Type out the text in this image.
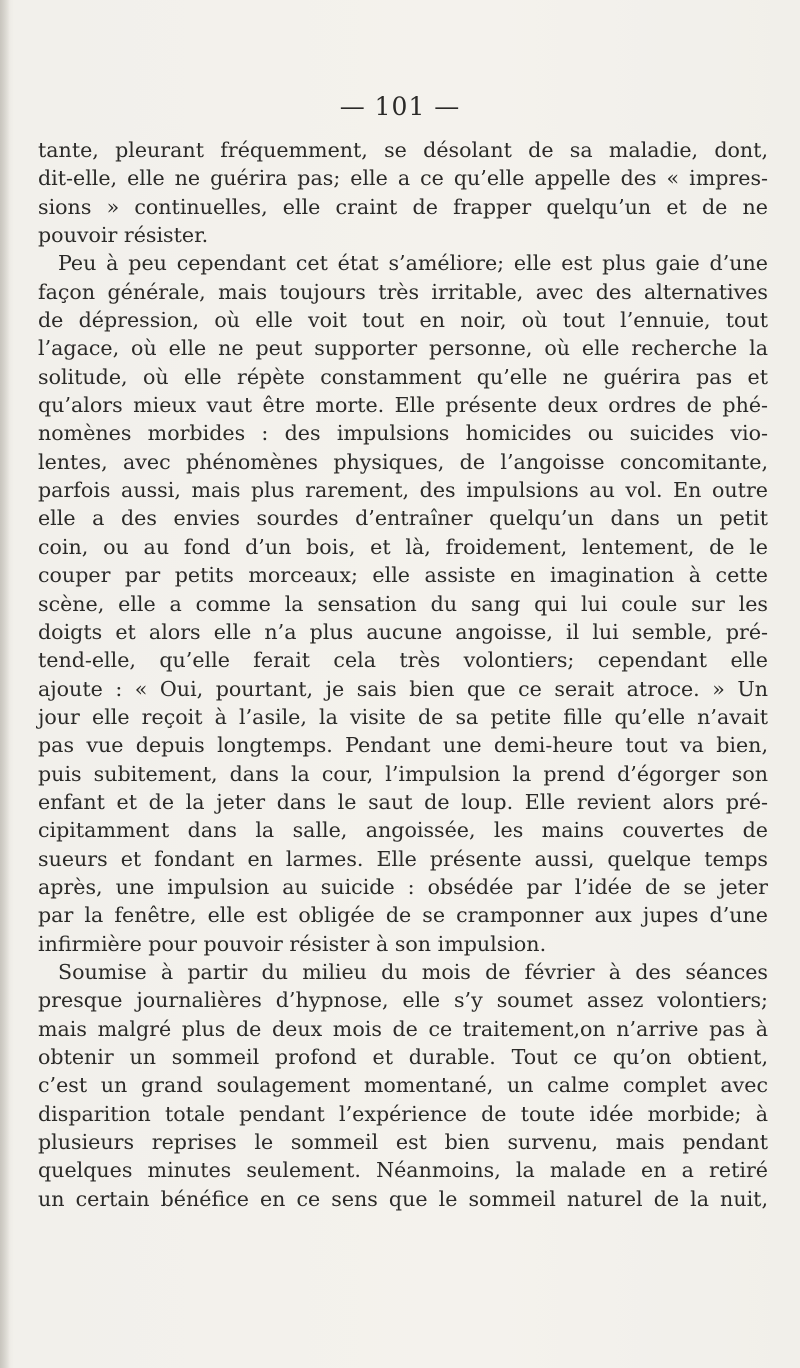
— 101 —
tante, pleurant fréquemment, se désolant de sa maladie, dont,
dit-elle, elle ne guérira pas; elle a ce qu’elle appelle des « impres-
sions » continuelles, elle craint de frapper quelqu’un et de ne
pouvoir résister.
Peu à peu cependant cet état s’améliore; elle est plus gaie d’une
façon générale, mais toujours très irritable, avec des alternatives
de dépression, où elle voit tout en noir, où tout l’ennuie, tout
l’agace, où elle ne peut supporter personne, où elle recherche la
solitude, où elle répète constamment qu’elle ne guérira pas et
qu’alors mieux vaut être morte. Elle présente deux ordres de phé-
nomènes morbides : des impulsions homicides ou suicides vio-
lentes, avec phénomènes physiques, de l’angoisse concomitante,
parfois aussi, mais plus rarement, des impulsions au vol. En outre
elle a des envies sourdes d’entraîner quelqu’un dans un petit
coin, ou au fond d’un bois, et là, froidement, lentement, de le
couper par petits morceaux; elle assiste en imagination à cette
scène, elle a comme la sensation du sang qui lui coule sur les
doigts et alors elle n’a plus aucune angoisse, il lui semble, pré-
tend-elle, qu’elle ferait cela très volontiers; cependant elle
ajoute : « Oui, pourtant, je sais bien que ce serait atroce. » Un
jour elle reçoit à l’asile, la visite de sa petite fille qu’elle n’avait
pas vue depuis longtemps. Pendant une demi-heure tout va bien,
puis subitement, dans la cour, l’impulsion la prend d’égorger son
enfant et de la jeter dans le saut de loup. Elle revient alors pré-
cipitamment dans la salle, angoissée, les mains couvertes de
sueurs et fondant en larmes. Elle présente aussi, quelque temps
après, une impulsion au suicide : obsédée par l’idée de se jeter
par la fenêtre, elle est obligée de se cramponner aux jupes d’une
infirmière pour pouvoir résister à son impulsion.
Soumise à partir du milieu du mois de février à des séances
presque journalières d’hypnose, elle s’y soumet assez volontiers;
mais malgré plus de deux mois de ce traitement,on n’arrive pas à
obtenir un sommeil profond et durable. Tout ce qu’on obtient,
c’est un grand soulagement momentané, un calme complet avec
disparition totale pendant l’expérience de toute idée morbide; à
plusieurs reprises le sommeil est bien survenu, mais pendant
quelques minutes seulement. Néanmoins, la malade en a retiré
un certain bénéfice en ce sens que le sommeil naturel de la nuit,
